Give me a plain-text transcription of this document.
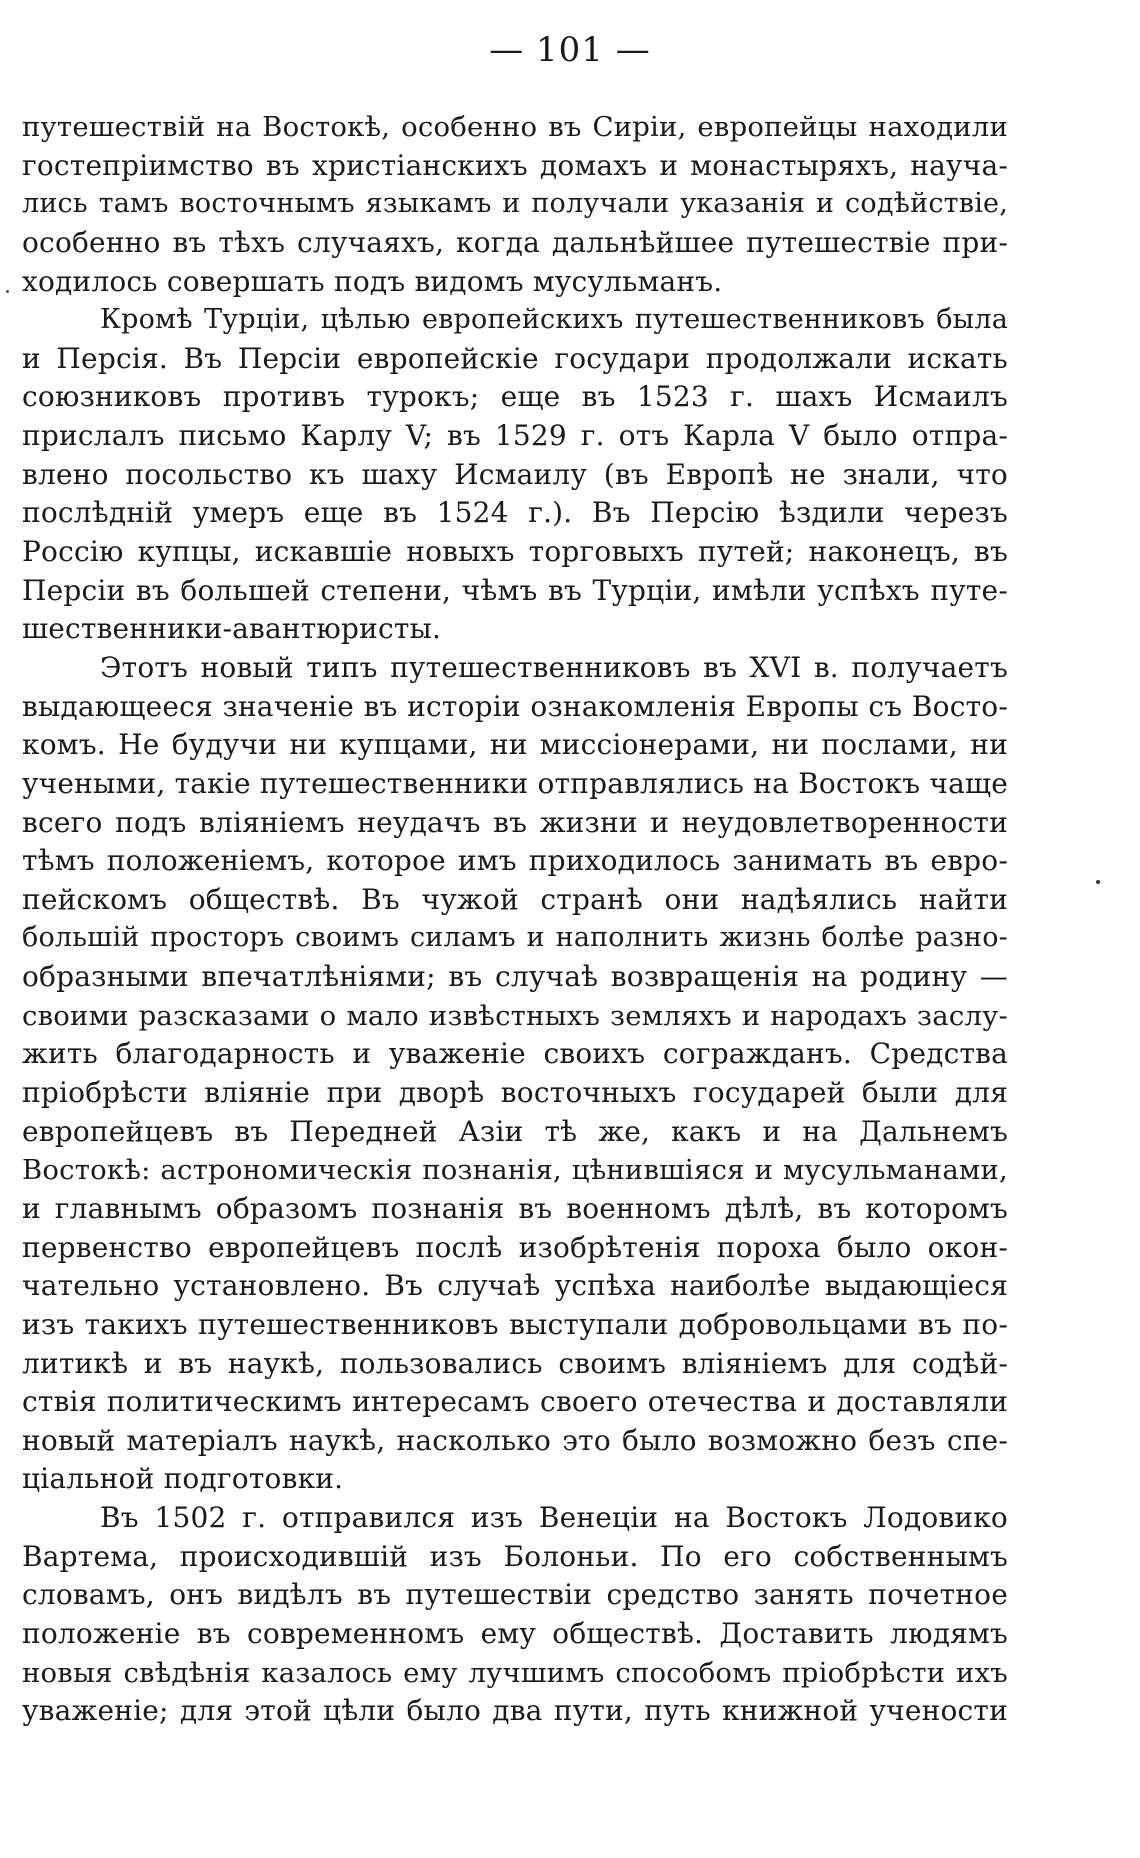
— 101 —
путешествій на Востокѣ, особенно въ Сиріи, европейцы находили
гостепріимство въ христіанскихъ домахъ и монастыряхъ, научa-
лись тамъ восточнымъ языкамъ и получали указанія и содѣйствіе,
особенно въ тѣхъ случаяхъ, когда дальнѣйшее путешествіе при-
ходилось совершать подъ видомъ мусульманъ.
Кромѣ Турціи, цѣлью европейскихъ путешественниковъ была
и Персія. Въ Персіи европейскіе государи продолжали искать
союзниковъ противъ турокъ; еще въ 1523 г. шахъ Исмаилъ
прислалъ письмо Карлу V; въ 1529 г. отъ Карла V было отпра-
влено посольство къ шаху Исмаилу (въ Европѣ не знали, что
послѣдній умеръ еще въ 1524 г.). Въ Персію ѣздили черезъ
Россію купцы, искавшіе новыхъ торговыхъ путей; наконецъ, въ
Персіи въ большей степени, чѣмъ въ Турціи, имѣли успѣхъ путе-
шественники-авантюристы.
Этотъ новый типъ путешественниковъ въ XVI в. получаетъ
выдающееся значеніе въ исторіи ознакомленія Европы съ Восто-
комъ. Не будучи ни купцами, ни миссіонерами, ни послами, ни
учеными, такіе путешественники отправлялись на Востокъ чаще
всего подъ вліяніемъ неудачъ въ жизни и неудовлетворенности
тѣмъ положеніемъ, которое имъ приходилось занимать въ евро-
пейскомъ обществѣ. Въ чужой странѣ они надѣялись найти
большій просторъ своимъ силамъ и наполнить жизнь болѣе разно-
образными впечатлѣніями; въ случаѣ возвращенія на родину —
своими разсказами о мало извѣстныхъ земляхъ и народахъ заслу-
жить благодарность и уваженіе своихъ согражданъ. Средства
пріобрѣсти вліяніе при дворѣ восточныхъ государей были для
европейцевъ въ Передней Азіи тѣ же, какъ и на Дальнемъ
Востокѣ: астрономическія познанія, цѣнившіяся и мусульманами,
и главнымъ образомъ познанія въ военномъ дѣлѣ, въ которомъ
первенство европейцевъ послѣ изобрѣтенія пороха было окон-
чательно установлено. Въ случаѣ успѣха наиболѣе выдающіеся
изъ такихъ путешественниковъ выступали добровольцами въ по-
литикѣ и въ наукѣ, пользовались своимъ вліяніемъ для содѣй-
ствія политическимъ интересамъ своего отечества и доставляли
новый матеріалъ наукѣ, насколько это было возможно безъ спе-
ціальной подготовки.
Въ 1502 г. отправился изъ Венеціи на Востокъ Лодовико
Вартема, происходившій изъ Болоньи. По его собственнымъ
словамъ, онъ видѣлъ въ путешествіи средство занять почетное
положеніе въ современномъ ему обществѣ. Доставить людямъ
новыя свѣдѣнія казалось ему лучшимъ способомъ пріобрѣсти ихъ
уваженіе; для этой цѣли было два пути, путь книжной учености
